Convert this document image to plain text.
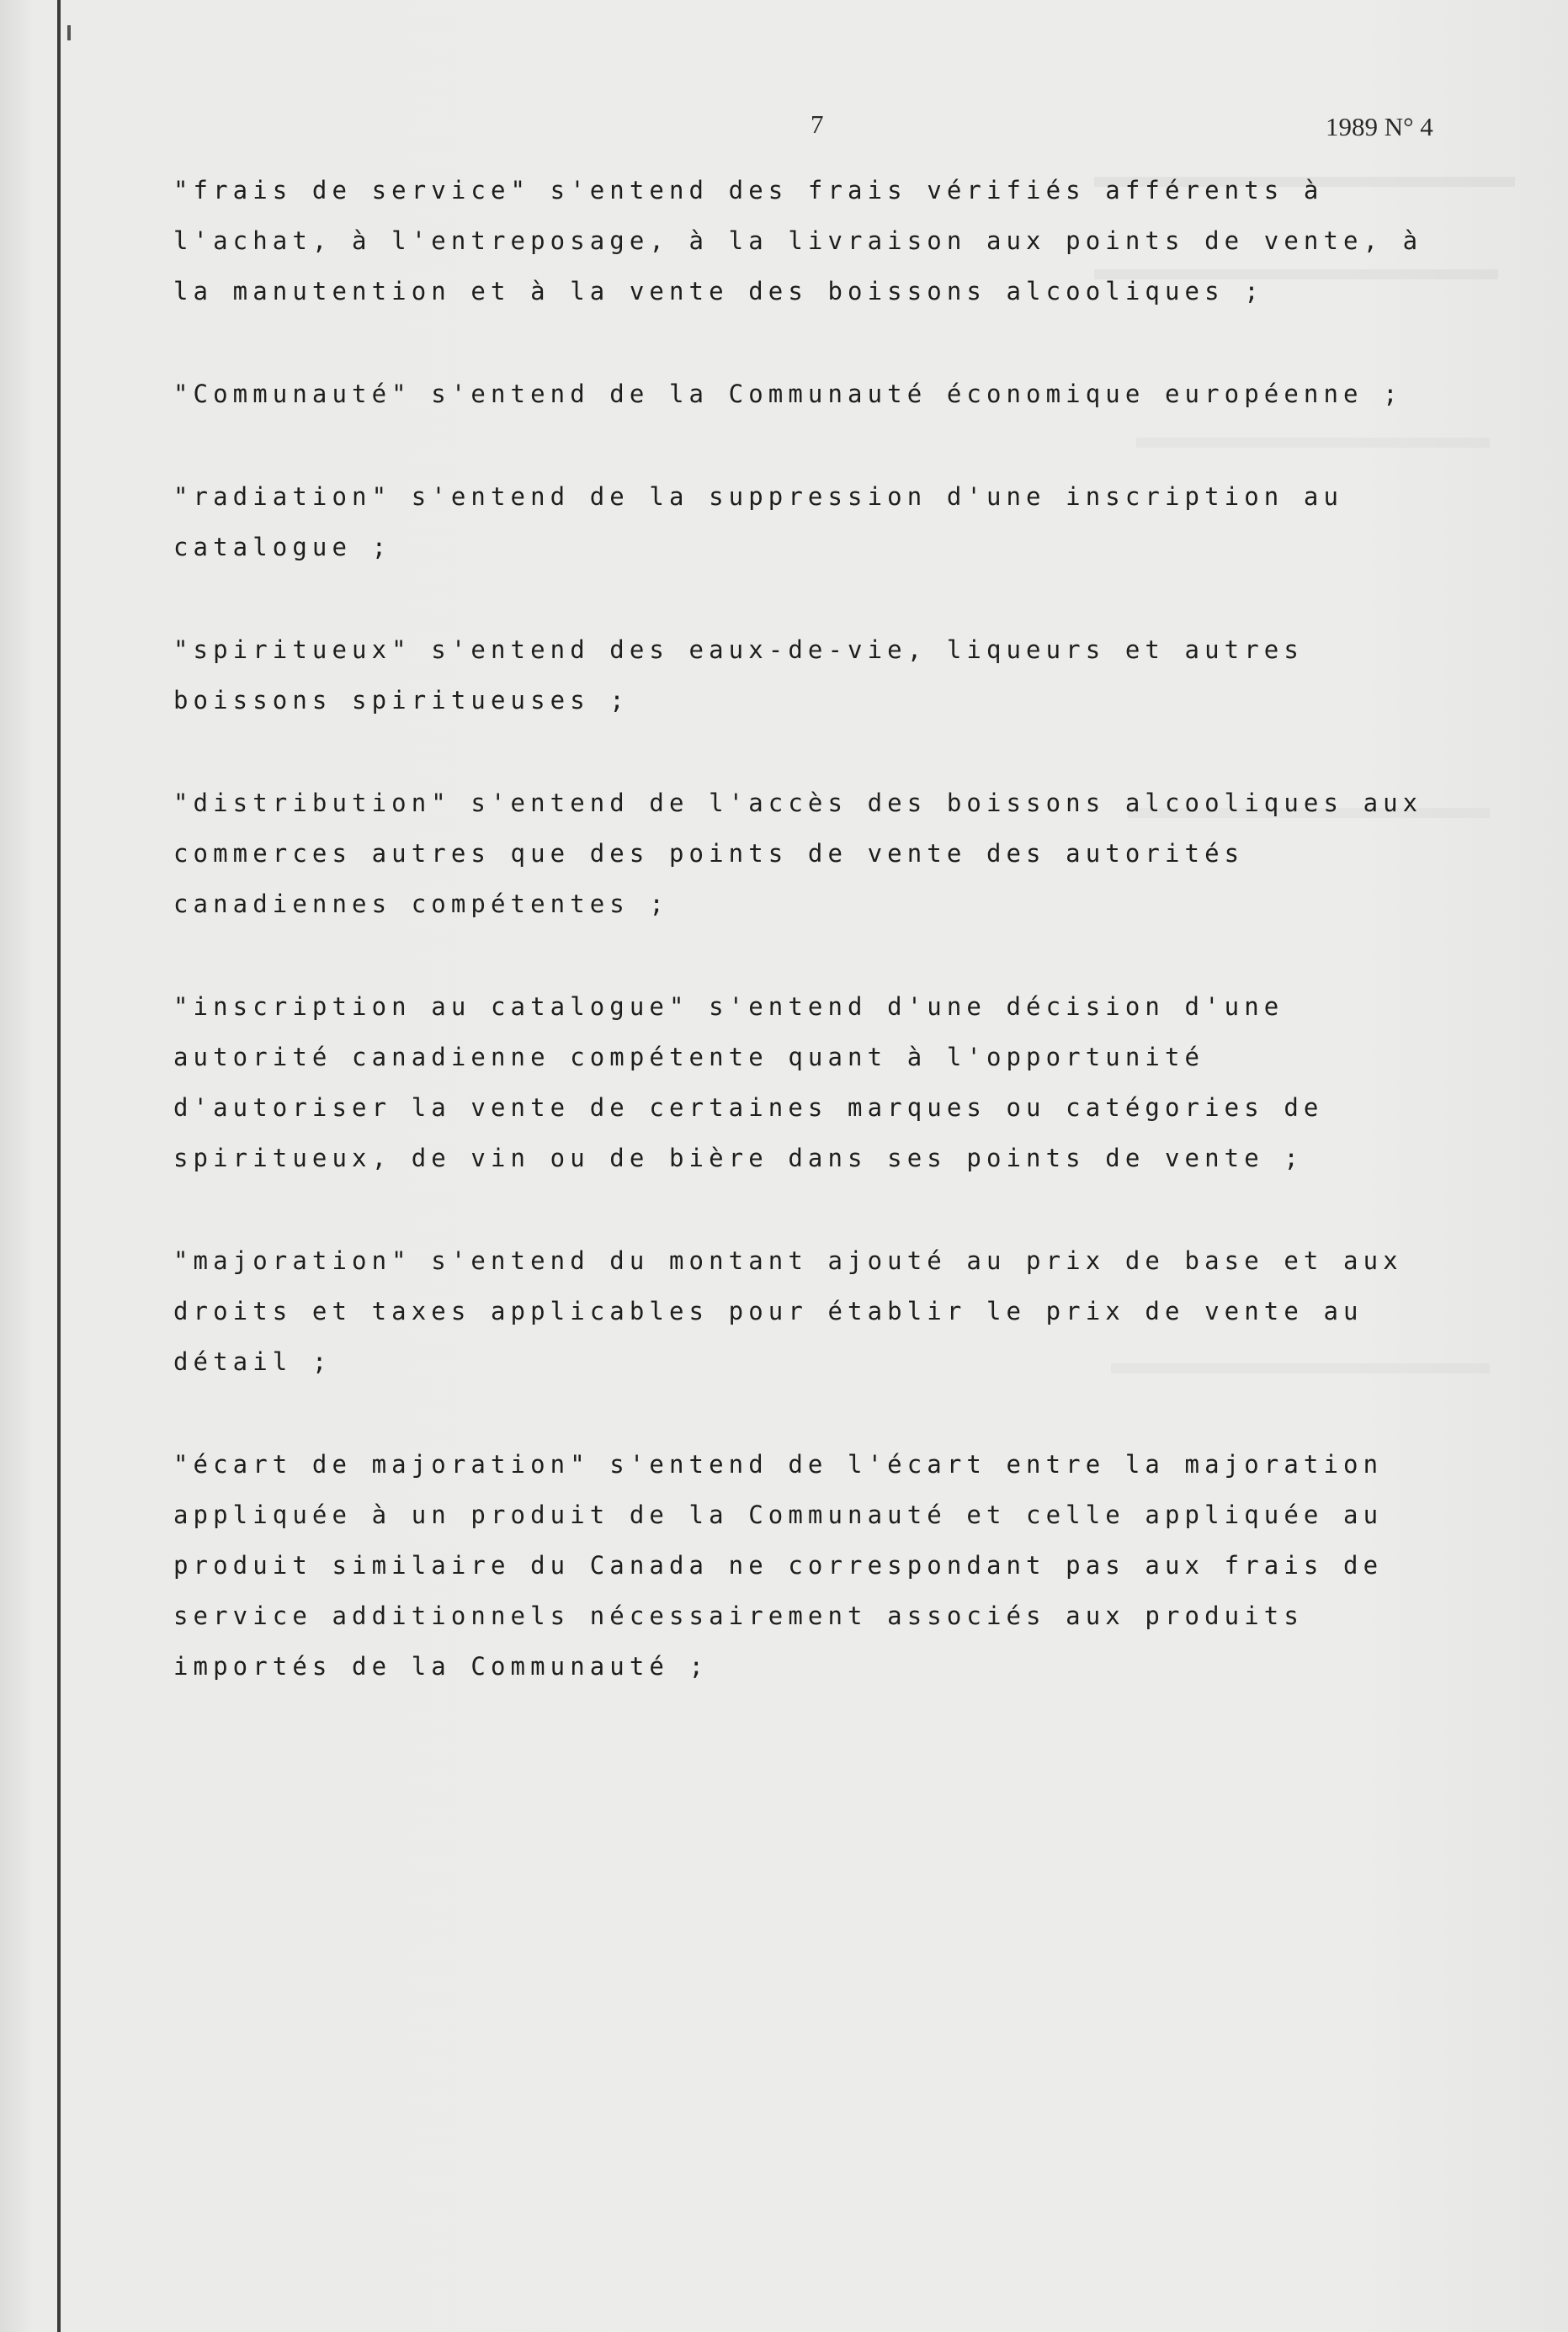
7	1989 N° 4
"frais de service" s'entend des frais vérifiés afférents à
l'achat, à l'entreposage, à la livraison aux points de vente, à
la manutention et à la vente des boissons alcooliques ;
"Communauté" s'entend de la Communauté économique européenne ;
"radiation" s'entend de la suppression d'une inscription au
catalogue ;
"spiritueux" s'entend des eaux-de-vie, liqueurs et autres
boissons spiritueuses ;
"distribution" s'entend de l'accès des boissons alcooliques aux
commerces autres que des points de vente des autorités
canadiennes compétentes ;
"inscription au catalogue" s'entend d'une décision d'une
autorité canadienne compétente quant à l'opportunité
d'autoriser la vente de certaines marques ou catégories de
spiritueux, de vin ou de bière dans ses points de vente ;
"majoration" s'entend du montant ajouté au prix de base et aux
droits et taxes applicables pour établir le prix de vente au
détail ;
"écart de majoration" s'entend de l'écart entre la majoration
appliquée à un produit de la Communauté et celle appliquée au
produit similaire du Canada ne correspondant pas aux frais de
service additionnels nécessairement associés aux produits
importés de la Communauté ;
